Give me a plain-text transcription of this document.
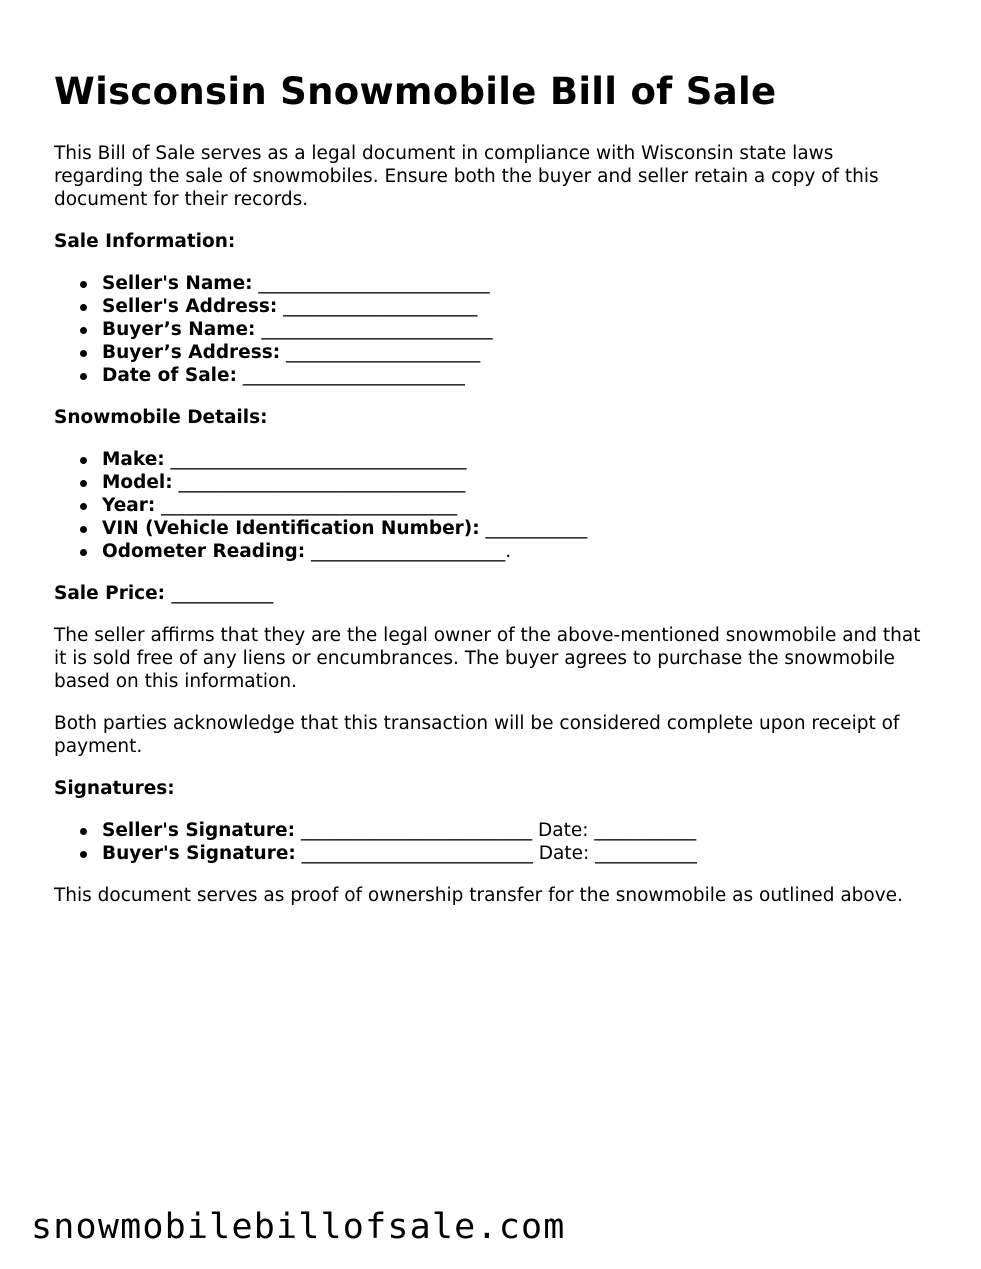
Wisconsin Snowmobile Bill of Sale

This Bill of Sale serves as a legal document in compliance with Wisconsin state laws regarding the sale of snowmobiles. Ensure both the buyer and seller retain a copy of this document for their records.

Sale Information:
Seller's Name: _________________________
Seller's Address: _____________________
Buyer’s Name: _________________________
Buyer’s Address: _____________________
Date of Sale: ________________________
Snowmobile Details:
Make: ________________________________
Model: _______________________________
Year: ________________________________
VIN (Vehicle Identification Number): ___________
Odometer Reading: _____________________.
Sale Price: ___________

The seller affirms that they are the legal owner of the above-mentioned snowmobile and that it is sold free of any liens or encumbrances. The buyer agrees to purchase the snowmobile based on this information.

Both parties acknowledge that this transaction will be considered complete upon receipt of payment.

Signatures:
Seller's Signature: _________________________ Date: ___________
Buyer's Signature: _________________________ Date: ___________

This document serves as proof of ownership transfer for the snowmobile as outlined above.

snowmobilebillofsale.com
